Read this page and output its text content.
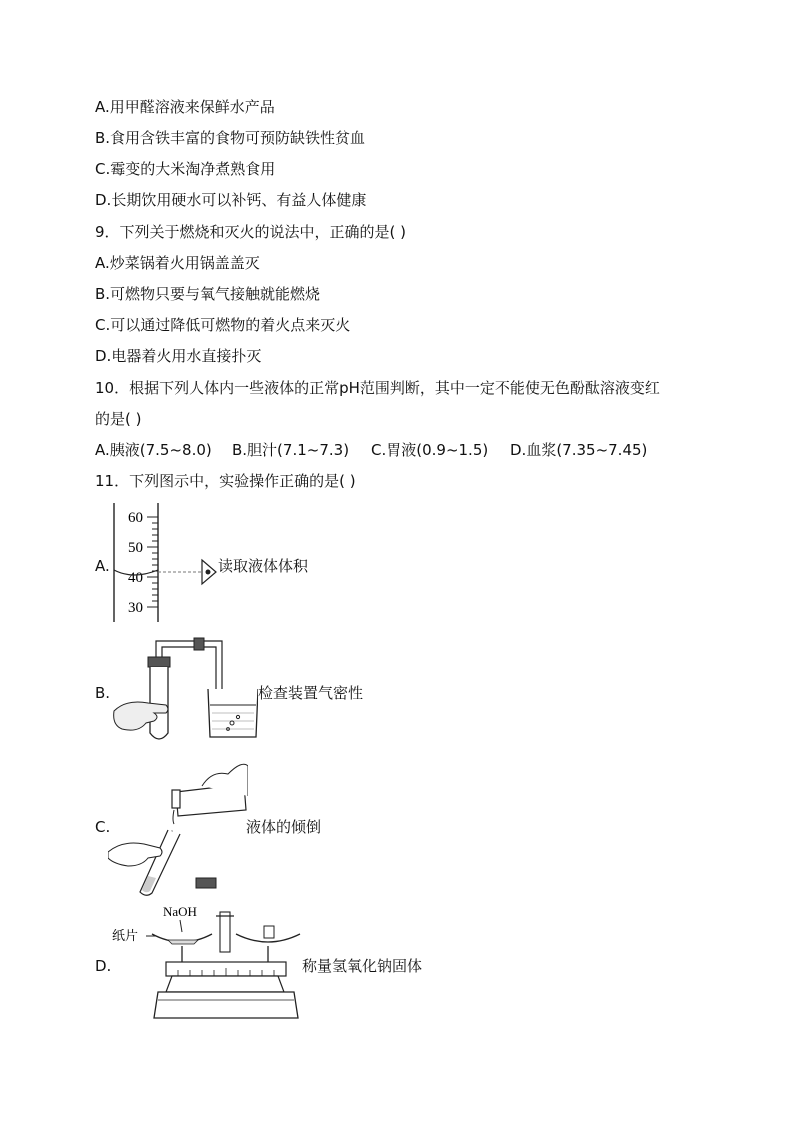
A.用甲醛溶液来保鲜水产品
B.食用含铁丰富的食物可预防缺铁性贫血
C.霉变的大米淘净煮熟食用
D.长期饮用硬水可以补钙、有益人体健康
9．下列关于燃烧和灭火的说法中，正确的是( )
A.炒菜锅着火用锅盖盖灭
B.可燃物只要与氧气接触就能燃烧
C.可以通过降低可燃物的着火点来灭火
D.电器着火用水直接扑灭
10．根据下列人体内一些液体的正常pH范围判断，其中一定不能使无色酚酞溶液变红
的是( )
A.胰液(7.5~8.0) B.胆汁(7.1~7.3) C.胃液(0.9~1.5) D.血浆(7.35~7.45)
11．下列图示中，实验操作正确的是( )
A.
60
50
40
30
读取液体体积
B.	检查装置气密性
C.	液体的倾倒
D.
NaOH
纸片
称量氢氧化钠固体
